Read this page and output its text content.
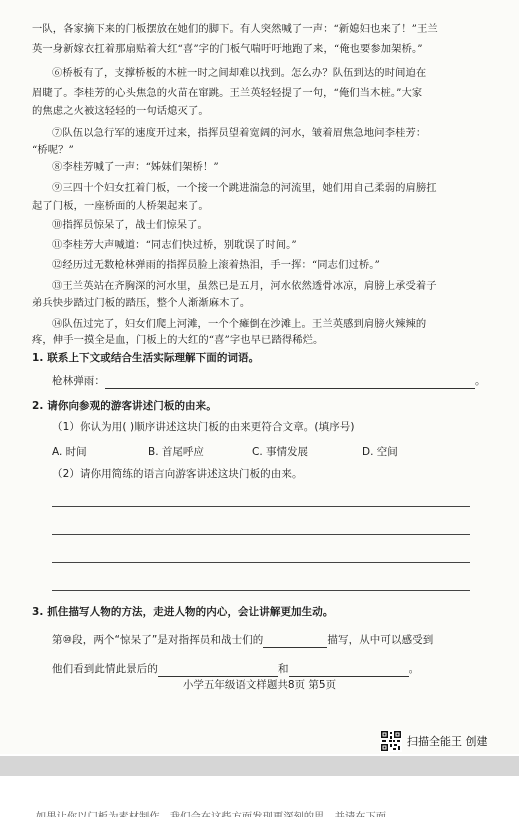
一队，各家摘下来的门板摆放在她们的脚下。有人突然喊了一声：“新媳妇也来了！”王兰
英一身新嫁衣扛着那扇贴着大红“喜”字的门板气喘吁吁地跑了来，“俺也要参加架桥。”
⑥桥板有了，支撑桥板的木桩一时之间却难以找到。怎么办？队伍到达的时间迫在
眉睫了。李桂芳的心头焦急的火苗在窜跳。王兰英轻轻提了一句，“俺们当木桩。”大家
的焦虑之火被这轻轻的一句话熄灭了。
⑦队伍以急行军的速度开过来，指挥员望着宽阔的河水，皱着眉焦急地问李桂芳：
“桥呢？”
⑧李桂芳喊了一声：“姊妹们架桥！”
⑨三四十个妇女扛着门板，一个接一个跳进湍急的河流里，她们用自己柔弱的肩膀扛
起了门板，一座桥面的人桥架起来了。
⑩指挥员惊呆了，战士们惊呆了。
⑪李桂芳大声喊道：“同志们快过桥，别耽误了时间。”
⑫经历过无数枪林弹雨的指挥员脸上滚着热泪，手一挥：“同志们过桥。”
⑬王兰英站在齐胸深的河水里，虽然已是五月，河水依然透骨冰凉，肩膀上承受着子
弟兵快步踏过门板的踏压，整个人渐渐麻木了。
⑭队伍过完了，妇女们爬上河滩，一个个瘫倒在沙滩上。王兰英感到肩膀火辣辣的
疼，伸手一摸全是血，门板上的大红的“喜”字也早已踏得稀烂。
1. 联系上下文或结合生活实际理解下面的词语。
枪林弹雨：	。
2. 请你向参观的游客讲述门板的由来。
（1）你认为用( )顺序讲述这块门板的由来更符合文章。(填序号)
A. 时间	B. 首尾呼应	C. 事情发展	D. 空间
（2）请你用简练的语言向游客讲述这块门板的由来。
3. 抓住描写人物的方法，走进人物的内心，会让讲解更加生动。
第⑩段，两个“惊呆了”是对指挥员和战士们的	描写，从中可以感受到
他们看到此情此景后的	和	。
小学五年级语文样题共8页 第5页
扫描全能王 创建
